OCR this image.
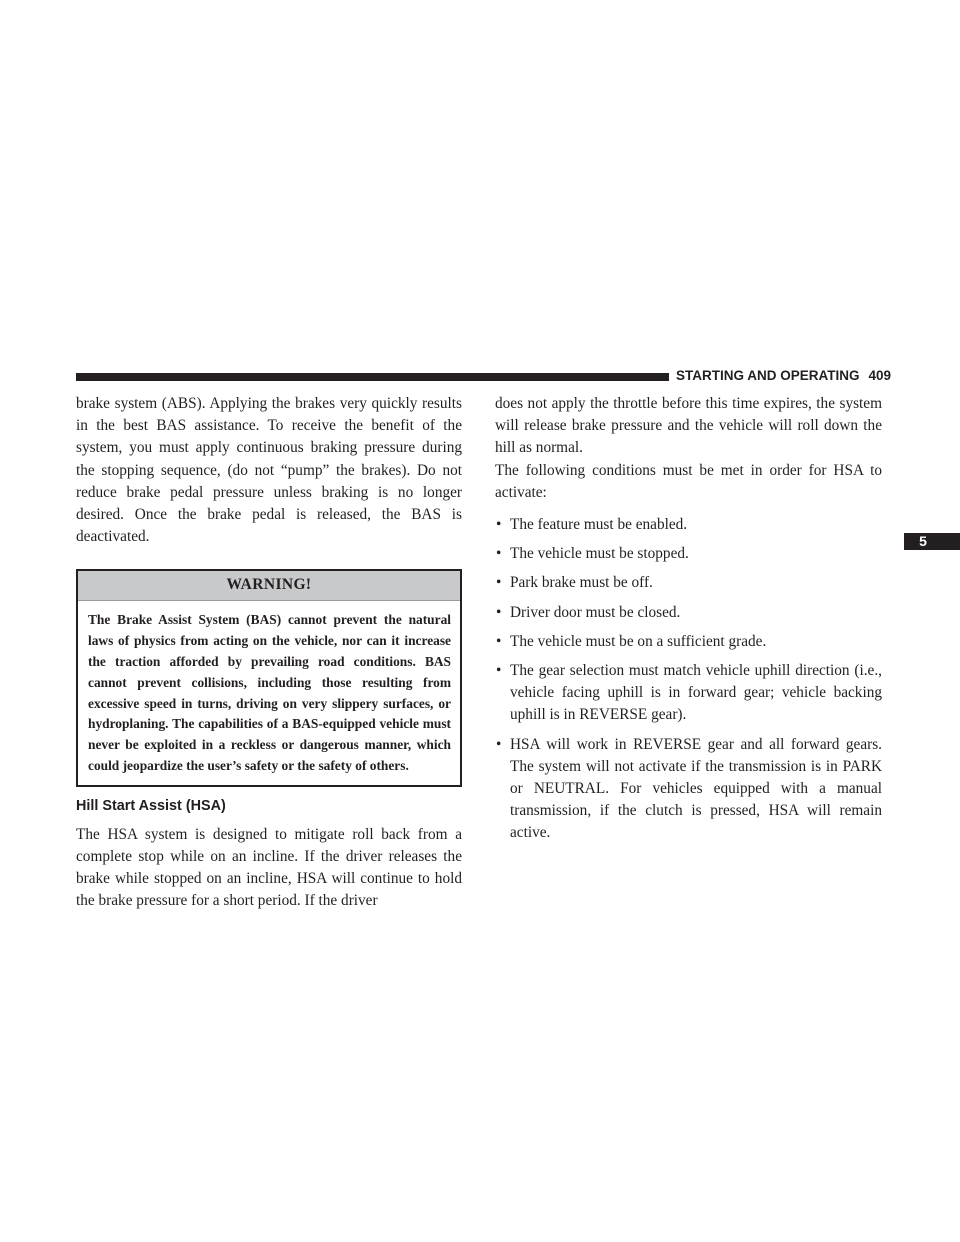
STARTING AND OPERATING 409
5

brake system (ABS). Applying the brakes very quickly results in the best BAS assistance. To receive the benefit of the system, you must apply continuous braking pressure during the stopping sequence, (do not “pump” the brakes). Do not reduce brake pedal pressure unless braking is no longer desired. Once the brake pedal is released, the BAS is deactivated.

WARNING!
The Brake Assist System (BAS) cannot prevent the natural laws of physics from acting on the vehicle, nor can it increase the traction afforded by prevailing road conditions. BAS cannot prevent collisions, including those resulting from excessive speed in turns, driving on very slippery surfaces, or hydroplaning. The capabilities of a BAS-equipped vehicle must never be exploited in a reckless or dangerous manner, which could jeopardize the user’s safety or the safety of others.
Hill Start Assist (HSA)

The HSA system is designed to mitigate roll back from a complete stop while on an incline. If the driver releases the brake while stopped on an incline, HSA will continue to hold the brake pressure for a short period. If the driver

does not apply the throttle before this time expires, the system will release brake pressure and the vehicle will roll down the hill as normal.

The following conditions must be met in order for HSA to activate:

• The feature must be enabled.
• The vehicle must be stopped.
• Park brake must be off.
• Driver door must be closed.
• The vehicle must be on a sufficient grade.
• The gear selection must match vehicle uphill direction (i.e., vehicle facing uphill is in forward gear; vehicle backing uphill is in REVERSE gear).
• HSA will work in REVERSE gear and all forward gears. The system will not activate if the transmission is in PARK or NEUTRAL. For vehicles equipped with a manual transmission, if the clutch is pressed, HSA will remain active.
